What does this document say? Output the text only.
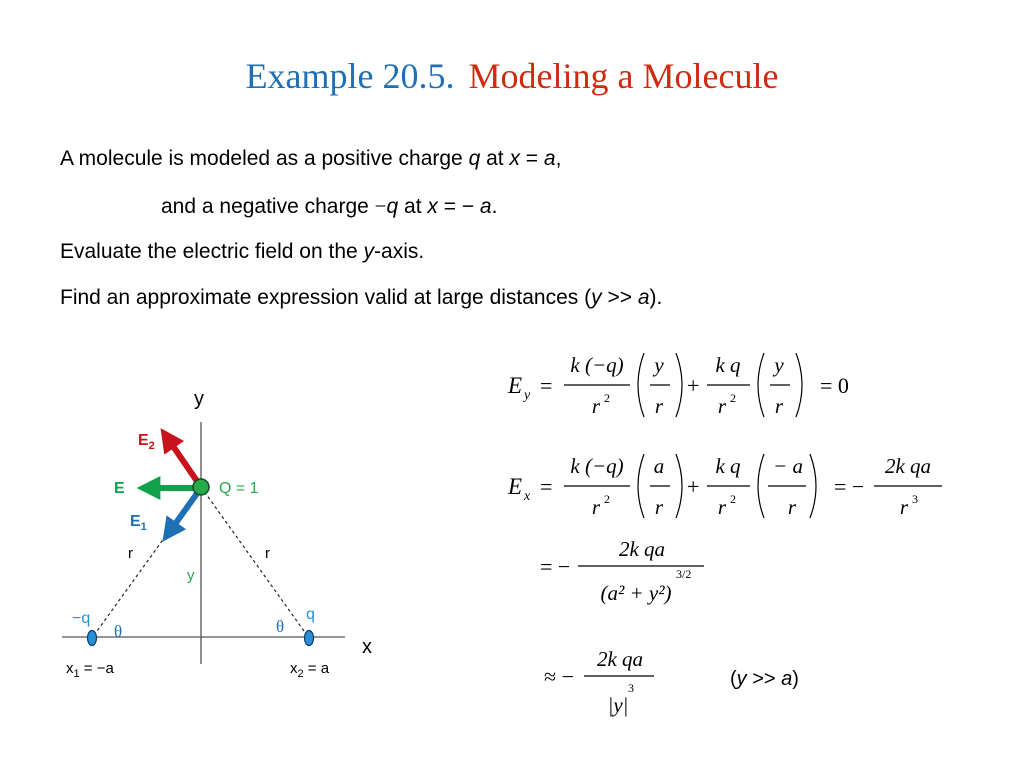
Example 20.5. Modeling a Molecule
A molecule is modeled as a positive charge q at x = a,
and a negative charge −q at x = − a.
Evaluate the electric field on the y-axis.
Find an approximate expression valid at large distances (y >> a).
y
x
$E_2$
E
$E_1$
Q = 1
r	r
y
−q	q
θ	θ
$x_1 = -a$	$x_2 = a$
E y =
k (−q)
r 2
y
r
+
k q
r 2
y
r
= 0
E x =
k (−q)
r 2
a
r
+
k q
r 2
− a
r
= −
2k qa
r 3
= −
2k qa
(a² + y²)
3/2
≈ −
2k qa
|y|
3	(y >> a)
